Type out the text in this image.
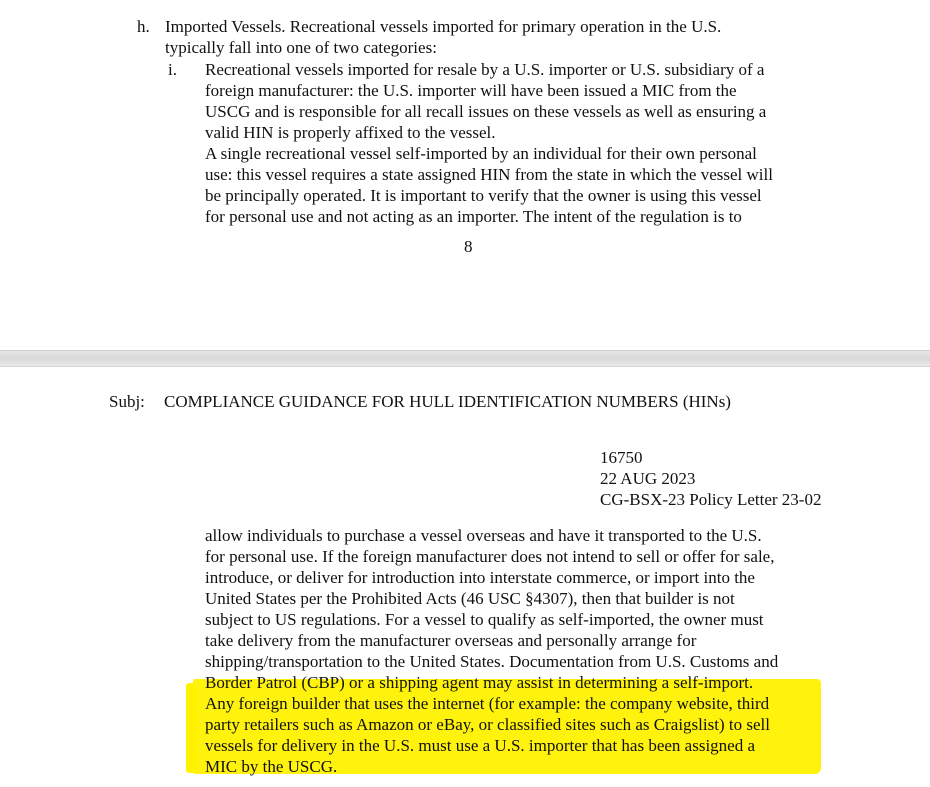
h. Imported Vessels. Recreational vessels imported for primary operation in the U.S.
typically fall into one of two categories:
i. Recreational vessels imported for resale by a U.S. importer or U.S. subsidiary of a
foreign manufacturer: the U.S. importer will have been issued a MIC from the
USCG and is responsible for all recall issues on these vessels as well as ensuring a
valid HIN is properly affixed to the vessel.
A single recreational vessel self-imported by an individual for their own personal
use: this vessel requires a state assigned HIN from the state in which the vessel will
be principally operated. It is important to verify that the owner is using this vessel
for personal use and not acting as an importer. The intent of the regulation is to
8
Subj: COMPLIANCE GUIDANCE FOR HULL IDENTIFICATION NUMBERS (HINs)
16750
22 AUG 2023
CG-BSX-23 Policy Letter 23-02
allow individuals to purchase a vessel overseas and have it transported to the U.S.
for personal use. If the foreign manufacturer does not intend to sell or offer for sale,
introduce, or deliver for introduction into interstate commerce, or import into the
United States per the Prohibited Acts (46 USC §4307), then that builder is not
subject to US regulations. For a vessel to qualify as self-imported, the owner must
take delivery from the manufacturer overseas and personally arrange for
shipping/transportation to the United States. Documentation from U.S. Customs and
Border Patrol (CBP) or a shipping agent may assist in determining a self-import.
Any foreign builder that uses the internet (for example: the company website, third
party retailers such as Amazon or eBay, or classified sites such as Craigslist) to sell
vessels for delivery in the U.S. must use a U.S. importer that has been assigned a
MIC by the USCG.
